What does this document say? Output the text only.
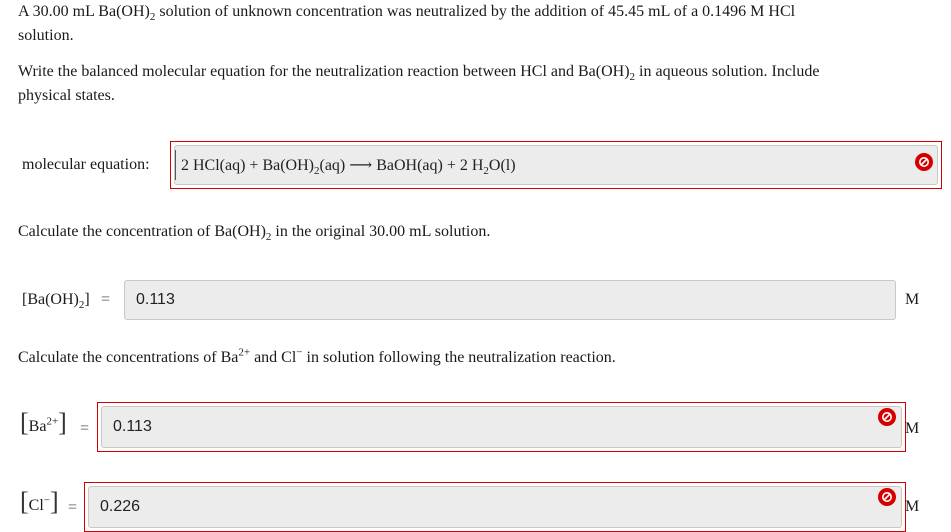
A 30.00 mL $Ba(OH)_2$ solution of unknown concentration was neutralized by the addition of 45.45 mL of a 0.1496 M HCl
solution.
Write the balanced molecular equation for the neutralization reaction between HCl and $Ba(OH)_2$ in aqueous solution. Include
physical states.
molecular equation: 2 $HCl(aq) + Ba(OH)_2(aq)$ ⟶ BaOH(aq) + 2 $H_2O(l)$
Calculate the concentration of $Ba(OH)_2$ in the original 30.00 mL solution.
$[Ba(OH)_2] = 0.113$	M
Calculate the concentrations of $Ba^{2+}$ and Cl− in solution following the neutralization reaction.
$[Ba^{2+}] = 0.113$	M
[Cl−] = 0.226	M
